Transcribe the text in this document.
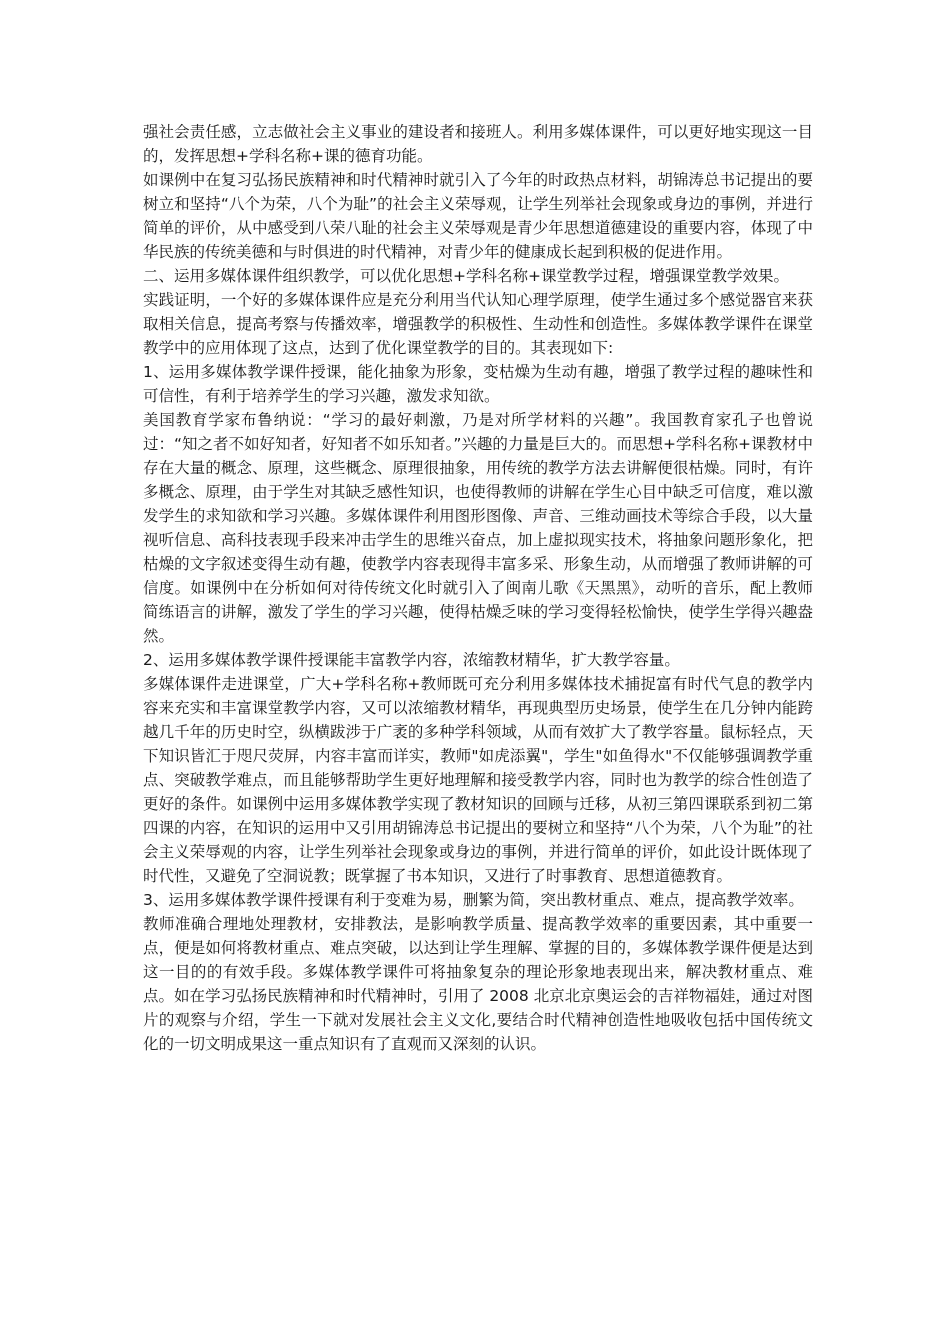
强社会责任感，立志做社会主义事业的建设者和接班人。利用多媒体课件，可以更好地实现这一目的，发挥思想+学科名称+课的德育功能。

如课例中在复习弘扬民族精神和时代精神时就引入了今年的时政热点材料，胡锦涛总书记提出的要树立和坚持“八个为荣，八个为耻”的社会主义荣辱观，让学生列举社会现象或身边的事例，并进行简单的评价，从中感受到八荣八耻的社会主义荣辱观是青少年思想道德建设的重要内容，体现了中华民族的传统美德和与时俱进的时代精神，对青少年的健康成长起到积极的促进作用。

二、运用多媒体课件组织教学，可以优化思想+学科名称+课堂教学过程，增强课堂教学效果。

实践证明，一个好的多媒体课件应是充分利用当代认知心理学原理，使学生通过多个感觉器官来获取相关信息，提高考察与传播效率，增强教学的积极性、生动性和创造性。多媒体教学课件在课堂教学中的应用体现了这点，达到了优化课堂教学的目的。其表现如下:

1、运用多媒体教学课件授课，能化抽象为形象，变枯燥为生动有趣，增强了教学过程的趣味性和可信性，有利于培养学生的学习兴趣，激发求知欲。

美国教育学家布鲁纳说：“学习的最好刺激，乃是对所学材料的兴趣”。我国教育家孔子也曾说过：“知之者不如好知者，好知者不如乐知者。”兴趣的力量是巨大的。而思想+学科名称+课教材中存在大量的概念、原理，这些概念、原理很抽象，用传统的教学方法去讲解便很枯燥。同时，有许多概念、原理，由于学生对其缺乏感性知识，也使得教师的讲解在学生心目中缺乏可信度，难以激发学生的求知欲和学习兴趣。多媒体课件利用图形图像、声音、三维动画技术等综合手段，以大量视听信息、高科技表现手段来冲击学生的思维兴奋点，加上虚拟现实技术，将抽象问题形象化，把枯燥的文字叙述变得生动有趣，使教学内容表现得丰富多采、形象生动，从而增强了教师讲解的可信度。如课例中在分析如何对待传统文化时就引入了闽南儿歌《天黑黑》，动听的音乐，配上教师简练语言的讲解，激发了学生的学习兴趣，使得枯燥乏味的学习变得轻松愉快，使学生学得兴趣盎然。

2、运用多媒体教学课件授课能丰富教学内容，浓缩教材精华，扩大教学容量。

多媒体课件走进课堂，广大+学科名称+教师既可充分利用多媒体技术捕捉富有时代气息的教学内容来充实和丰富课堂教学内容，又可以浓缩教材精华，再现典型历史场景，使学生在几分钟内能跨越几千年的历史时空，纵横跋涉于广袤的多种学科领域，从而有效扩大了教学容量。鼠标轻点，天下知识皆汇于咫尺荧屏，内容丰富而详实，教师"如虎添翼"，学生"如鱼得水"不仅能够强调教学重点、突破教学难点，而且能够帮助学生更好地理解和接受教学内容，同时也为教学的综合性创造了更好的条件。如课例中运用多媒体教学实现了教材知识的回顾与迁移，从初三第四课联系到初二第四课的内容，在知识的运用中又引用胡锦涛总书记提出的要树立和坚持“八个为荣，八个为耻”的社会主义荣辱观的内容，让学生列举社会现象或身边的事例，并进行简单的评价，如此设计既体现了时代性，又避免了空洞说教；既掌握了书本知识，又进行了时事教育、思想道德教育。

3、运用多媒体教学课件授课有利于变难为易，删繁为简，突出教材重点、难点，提高教学效率。

教师准确合理地处理教材，安排教法，是影响教学质量、提高教学效率的重要因素，其中重要一点，便是如何将教材重点、难点突破，以达到让学生理解、掌握的目的，多媒体教学课件便是达到这一目的的有效手段。多媒体教学课件可将抽象复杂的理论形象地表现出来，解决教材重点、难点。如在学习弘扬民族精神和时代精神时，引用了 2008 北京北京奥运会的吉祥物福娃，通过对图片的观察与介绍，学生一下就对发展社会主义文化,要结合时代精神创造性地吸收包括中国传统文化的一切文明成果这一重点知识有了直观而又深刻的认识。
